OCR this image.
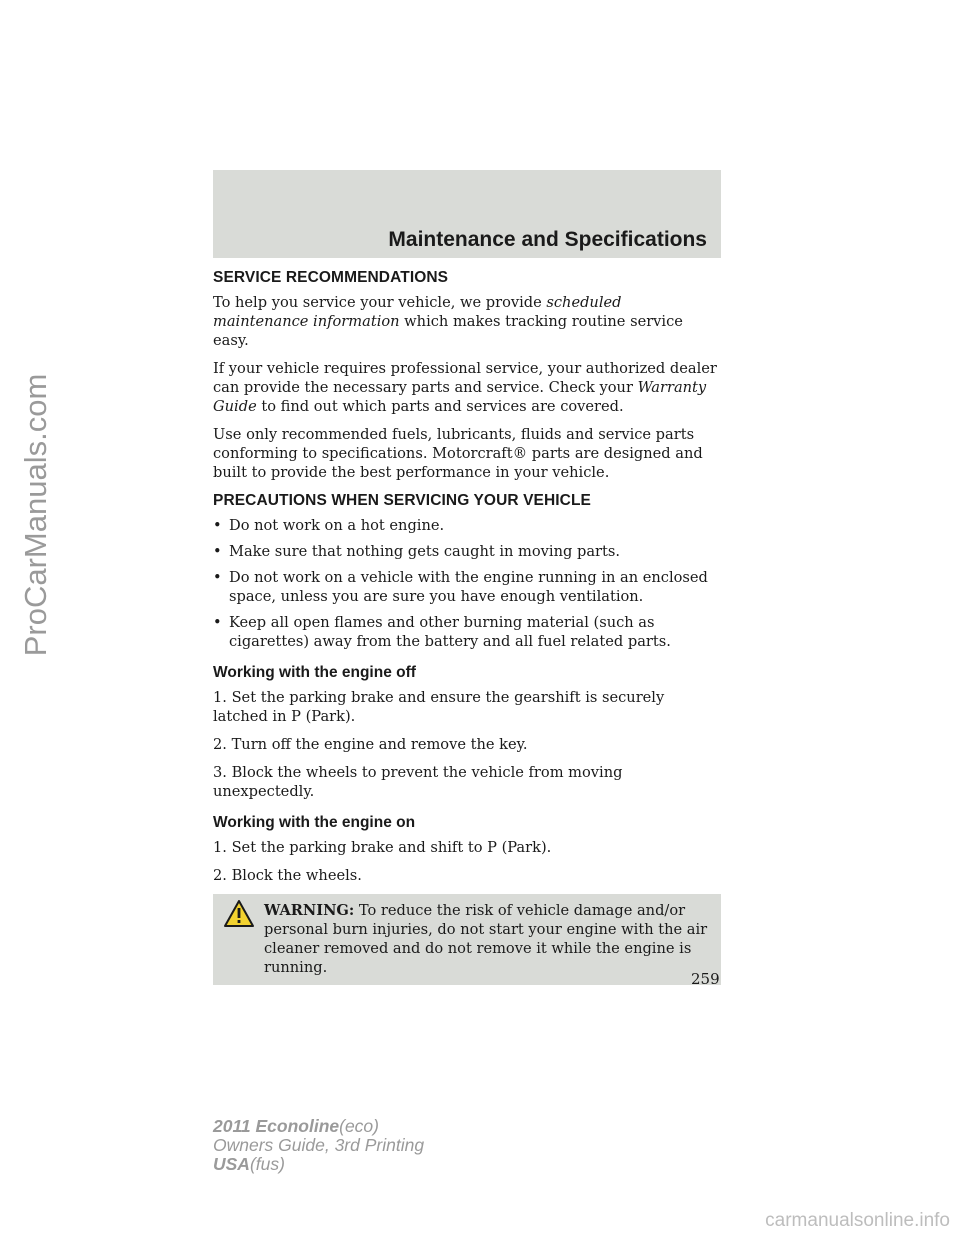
Maintenance and Specifications
SERVICE RECOMMENDATIONS

To help you service your vehicle, we provide scheduled maintenance information which makes tracking routine service easy.

If your vehicle requires professional service, your authorized dealer can provide the necessary parts and service. Check your Warranty Guide to find out which parts and services are covered.

Use only recommended fuels, lubricants, fluids and service parts conforming to specifications. Motorcraft® parts are designed and built to provide the best performance in your vehicle.

PRECAUTIONS WHEN SERVICING YOUR VEHICLE
• Do not work on a hot engine.
• Make sure that nothing gets caught in moving parts.
• Do not work on a vehicle with the engine running in an enclosed space, unless you are sure you have enough ventilation.
• Keep all open flames and other burning material (such as cigarettes) away from the battery and all fuel related parts.
Working with the engine off

1. Set the parking brake and ensure the gearshift is securely latched in P (Park).

2. Turn off the engine and remove the key.

3. Block the wheels to prevent the vehicle from moving unexpectedly.

Working with the engine on

1. Set the parking brake and shift to P (Park).

2. Block the wheels.

WARNING: To reduce the risk of vehicle damage and/or personal burn injuries, do not start your engine with the air cleaner removed and do not remove it while the engine is running.
259
2011 Econoline(eco)
Owners Guide, 3rd Printing
USA(fus)
ProCarManuals.com
carmanualsonline.info
